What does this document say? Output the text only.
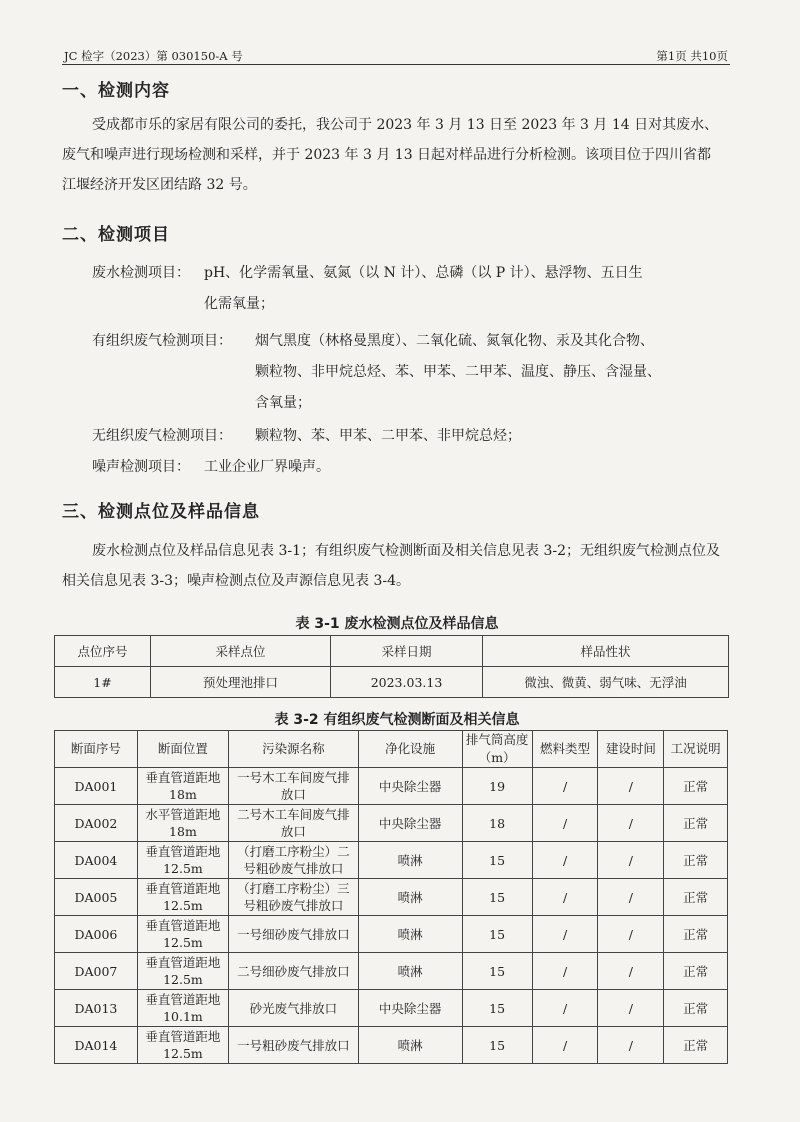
JC 检字（2023）第 030150-A 号	第1页 共10页
一、检测内容

受成都市乐的家居有限公司的委托，我公司于 2023 年 3 月 13 日至 2023 年 3 月 14 日对其废水、废气和噪声进行现场检测和采样，并于 2023 年 3 月 13 日起对样品进行分析检测。该项目位于四川省都江堰经济开发区团结路 32 号。

二、检测项目
废水检测项目： pH、化学需氧量、氨氮（以 N 计）、总磷（以 P 计）、悬浮物、五日生
化需氧量；
有组织废气检测项目： 烟气黑度（林格曼黑度）、二氧化硫、氮氧化物、汞及其化合物、
颗粒物、非甲烷总烃、苯、甲苯、二甲苯、温度、静压、含湿量、
含氧量；
无组织废气检测项目： 颗粒物、苯、甲苯、二甲苯、非甲烷总烃；
噪声检测项目： 工业企业厂界噪声。
三、检测点位及样品信息

废水检测点位及样品信息见表 3-1；有组织废气检测断面及相关信息见表 3-2；无组织废气检测点位及相关信息见表 3-3；噪声检测点位及声源信息见表 3-4。

表 3-1 废水检测点位及样品信息
点位序号	采样点位	采样日期	样品性状
1#	预处理池排口	2023.03.13	微浊、微黄、弱气味、无浮油
表 3-2 有组织废气检测断面及相关信息
断面序号	断面位置	污染源名称	净化设施	排气筒高度（m）	燃料类型	建设时间	工况说明
DA001	垂直管道距地 18m	一号木工车间废气排放口	中央除尘器	19	/	/	正常
DA002	水平管道距地 18m	二号木工车间废气排放口	中央除尘器	18	/	/	正常
DA004	垂直管道距地 12.5m	（打磨工序粉尘）二号粗砂废气排放口	喷淋	15	/	/	正常
DA005	垂直管道距地 12.5m	（打磨工序粉尘）三号粗砂废气排放口	喷淋	15	/	/	正常
DA006	垂直管道距地 12.5m	一号细砂废气排放口	喷淋	15	/	/	正常
DA007	垂直管道距地 12.5m	二号细砂废气排放口	喷淋	15	/	/	正常
DA013	垂直管道距地 10.1m	砂光废气排放口	中央除尘器	15	/	/	正常
DA014	垂直管道距地 12.5m	一号粗砂废气排放口	喷淋	15	/	/	正常
